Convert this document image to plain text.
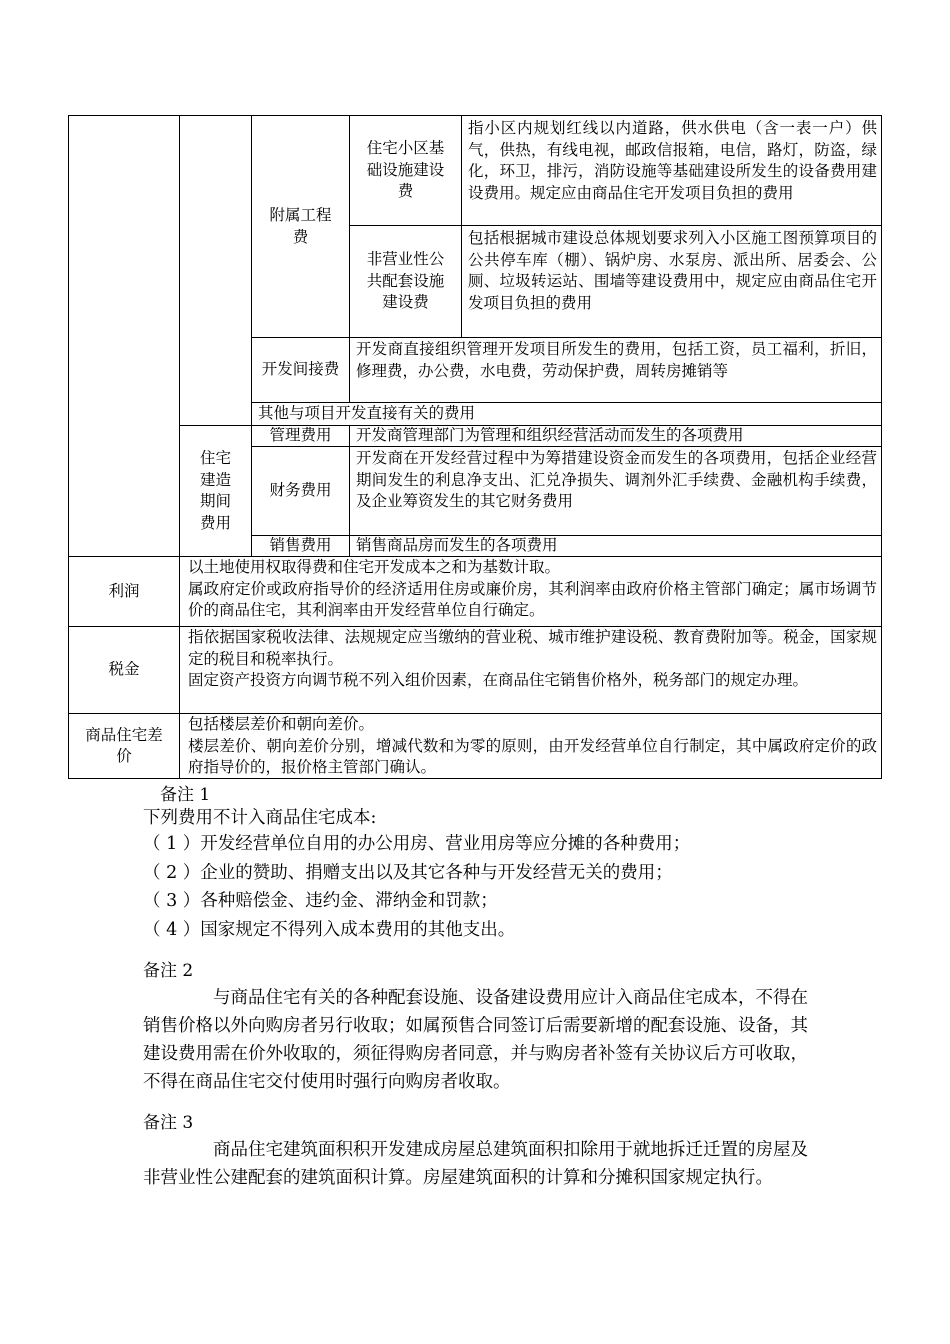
附属工程费
住宅小区基础设施建设费
指小区内规划红线以内道路，供水供电（含一表一户）供气，供热，有线电视，邮政信报箱，电信，路灯，防盗，绿化，环卫，排污，消防设施等基础建设所发生的设备费用建设费用。规定应由商品住宅开发项目负担的费用
非营业性公共配套设施建设费
包括根据城市建设总体规划要求列入小区施工图预算项目的公共停车库（棚）、锅炉房、水泵房、派出所、居委会、公厕、垃圾转运站、围墙等建设费用中，规定应由商品住宅开发项目负担的费用
开发间接费
开发商直接组织管理开发项目所发生的费用，包括工资，员工福利，折旧，修理费，办公费，水电费，劳动保护费，周转房摊销等
其他与项目开发直接有关的费用
住宅建造期间费用
管理费用 开发商管理部门为管理和组织经营活动而发生的各项费用
财务费用
开发商在开发经营过程中为筹措建设资金而发生的各项费用，包括企业经营期间发生的利息净支出、汇兑净损失、调剂外汇手续费、金融机构手续费，及企业筹资发生的其它财务费用
销售费用 销售商品房而发生的各项费用
利润
以土地使用权取得费和住宅开发成本之和为基数计取。
属政府定价或政府指导价的经济适用住房或廉价房，其利润率由政府价格主管部门确定；属市场调节价的商品住宅，其利润率由开发经营单位自行确定。
税金
指依据国家税收法律、法规规定应当缴纳的营业税、城市维护建设税、教育费附加等。税金，国家规定的税目和税率执行。
固定资产投资方向调节税不列入组价因素，在商品住宅销售价格外，税务部门的规定办理。
商品住宅差价
包括楼层差价和朝向差价。
楼层差价、朝向差价分别，增减代数和为零的原则，由开发经营单位自行制定，其中属政府定价的政府指导价的，报价格主管部门确认。
备注 1
下列费用不计入商品住宅成本:
（ 1 ）开发经营单位自用的办公用房、营业用房等应分摊的各种费用；
（ 2 ）企业的赞助、捐赠支出以及其它各种与开发经营无关的费用；
（ 3 ）各种赔偿金、违约金、滞纳金和罚款；
（ 4 ）国家规定不得列入成本费用的其他支出。
备注 2
与商品住宅有关的各种配套设施、设备建设费用应计入商品住宅成本，不得在销售价格以外向购房者另行收取；如属预售合同签订后需要新增的配套设施、设备，其建设费用需在价外收取的，须征得购房者同意，并与购房者补签有关协议后方可收取，不得在商品住宅交付使用时强行向购房者收取。
备注 3
商品住宅建筑面积积开发建成房屋总建筑面积扣除用于就地拆迁迁置的房屋及非营业性公建配套的建筑面积计算。房屋建筑面积的计算和分摊积国家规定执行。
